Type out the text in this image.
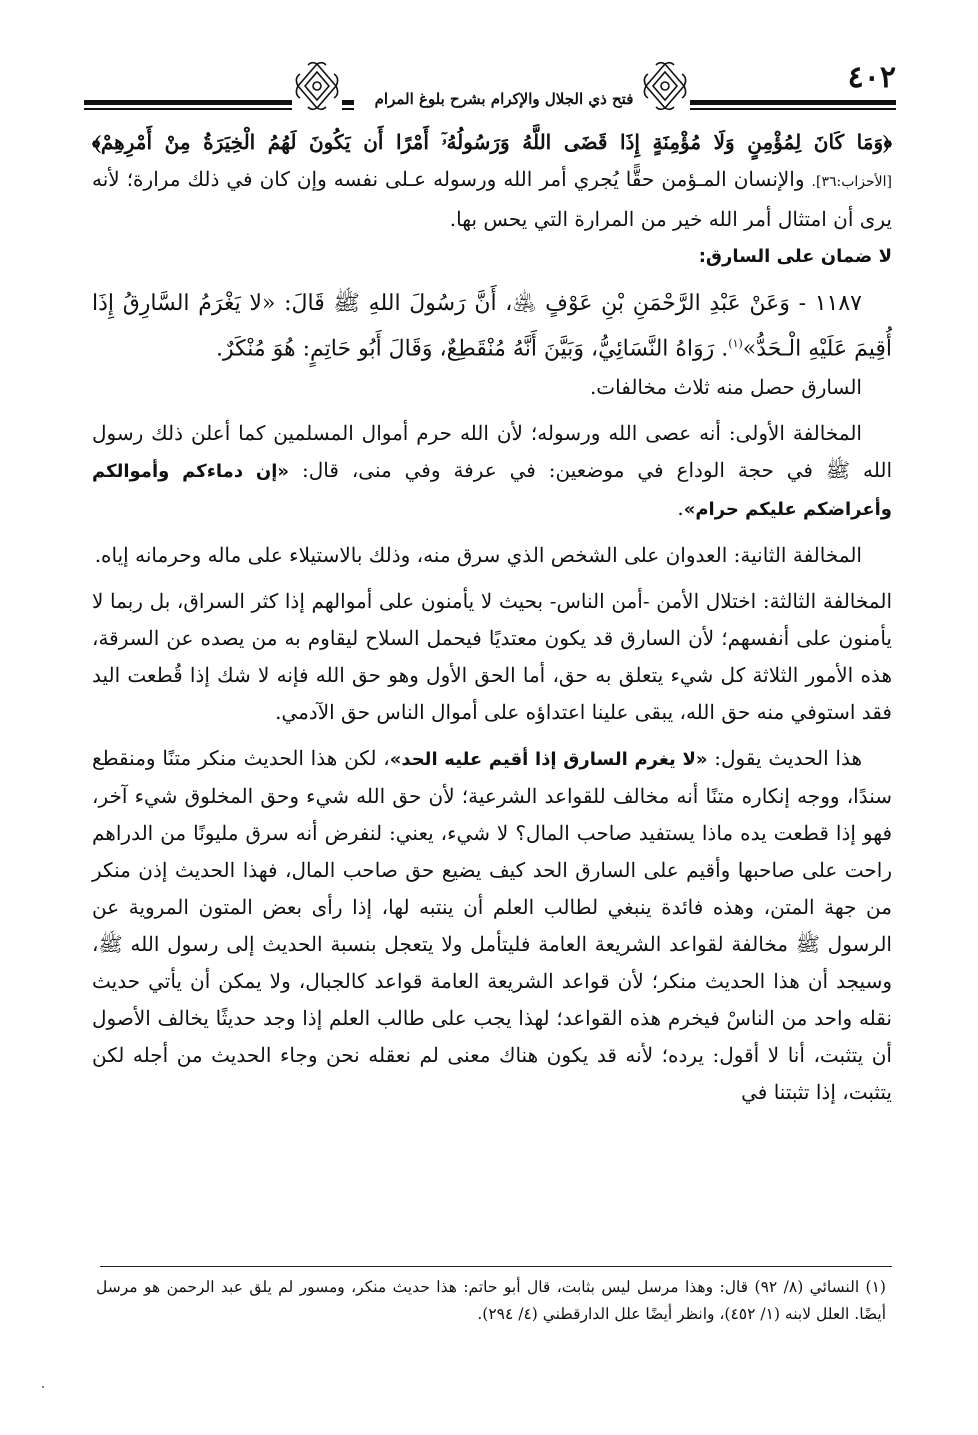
٤٠٢
فتح ذي الجلال والإكرام بشرح بلوغ المرام

﴿وَمَا كَانَ لِمُؤْمِنٍ وَلَا مُؤْمِنَةٍ إِذَا قَضَى اللَّهُ وَرَسُولُهُۥٓ أَمْرًا أَن يَكُونَ لَهُمُ الْخِيَرَةُ مِنْ أَمْرِهِمْ﴾ [الأحزاب:٣٦]. والإنسان المـؤمن حقًّا يُجري أمر الله ورسوله عـلى نفسه وإن كان في ذلك مرارة؛ لأنه يرى أن امتثال أمر الله خير من المرارة التي يحس بها.

لا ضمان على السارق:

١١٨٧ - وَعَنْ عَبْدِ الرَّحْمَنِ بْنِ عَوْفٍ ﵁، أَنَّ رَسُولَ اللهِ ﷺ قَالَ: «لا يَغْرَمُ السَّارِقُ إِذَا أُقِيمَ عَلَيْهِ الْـحَدُّ»$^{(١)}$. رَوَاهُ النَّسَائِيُّ، وَبَيَّنَ أَنَّهُ مُنْقَطِعٌ، وَقَالَ أَبُو حَاتِمٍ: هُوَ مُنْكَرٌ.

السارق حصل منه ثلاث مخالفات.

المخالفة الأولى: أنه عصى الله ورسوله؛ لأن الله حرم أموال المسلمين كما أعلن ذلك رسول الله ﷺ في حجة الوداع في موضعين: في عرفة وفي منى، قال: «إن دماءكم وأموالكم وأعراضكم عليكم حرام».

المخالفة الثانية: العدوان على الشخص الذي سرق منه، وذلك بالاستيلاء على ماله وحرمانه إياه.

المخالفة الثالثة: اختلال الأمن -أمن الناس- بحيث لا يأمنون على أموالهم إذا كثر السراق، بل ربما لا يأمنون على أنفسهم؛ لأن السارق قد يكون معتديًا فيحمل السلاح ليقاوم به من يصده عن السرقة، هذه الأمور الثلاثة كل شيء يتعلق به حق، أما الحق الأول وهو حق الله فإنه لا شك إذا قُطعت اليد فقد استوفي منه حق الله، يبقى علينا اعتداؤه على أموال الناس حق الآدمي.

هذا الحديث يقول: «لا يغرم السارق إذا أقيم عليه الحد»، لكن هذا الحديث منكر متنًا ومنقطع سندًا، ووجه إنكاره متنًا أنه مخالف للقواعد الشرعية؛ لأن حق الله شيء وحق المخلوق شيء آخر، فهو إذا قطعت يده ماذا يستفيد صاحب المال؟ لا شيء، يعني: لنفرض أنه سرق مليونًا من الدراهم راحت على صاحبها وأقيم على السارق الحد كيف يضيع حق صاحب المال، فهذا الحديث إذن منكر من جهة المتن، وهذه فائدة ينبغي لطالب العلم أن ينتبه لها، إذا رأى بعض المتون المروية عن الرسول ﷺ مخالفة لقواعد الشريعة العامة فليتأمل ولا يتعجل بنسبة الحديث إلى رسول الله ﷺ، وسيجد أن هذا الحديث منكر؛ لأن قواعد الشريعة العامة قواعد كالجبال، ولا يمكن أن يأتي حديث نقله واحد من الناسْ فيخرم هذه القواعد؛ لهذا يجب على طالب العلم إذا وجد حديثًا يخالف الأصول أن يتثبت، أنا لا أقول: يرده؛ لأنه قد يكون هناك معنى لم نعقله نحن وجاء الحديث من أجله لكن يتثبت، إذا تثبتنا في

(١) النسائي (٨/ ٩٢) قال: وهذا مرسل ليس بثابت، قال أبو حاتم: هذا حديث منكر، ومسور لم يلق عبد الرحمن هو مرسل أيضًا. العلل لابنه (١/ ٤٥٢)، وانظر أيضًا علل الدارقطني (٤/ ٢٩٤).
